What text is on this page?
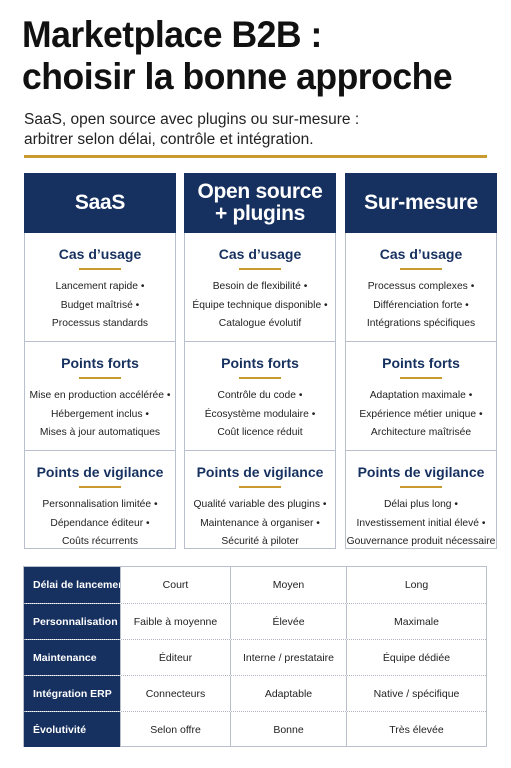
Marketplace B2B :
choisir la bonne approche
SaaS, open source avec plugins ou sur-mesure :
arbitrer selon délai, contrôle et intégration.
SaaS
Cas d’usage
Lancement rapide •
Budget maîtrisé •
Processus standards
Points forts
Mise en production accélérée •
Hébergement inclus •
Mises à jour automatiques
Points de vigilance
Personnalisation limitée •
Dépendance éditeur •
Coûts récurrents
Open source
+ plugins
Cas d’usage
Besoin de flexibilité •
Équipe technique disponible •
Catalogue évolutif
Points forts
Contrôle du code •
Écosystème modulaire •
Coût licence réduit
Points de vigilance
Qualité variable des plugins •
Maintenance à organiser •
Sécurité à piloter
Sur-mesure
Cas d’usage
Processus complexes •
Différenciation forte •
Intégrations spécifiques
Points forts
Adaptation maximale •
Expérience métier unique •
Architecture maîtrisée
Points de vigilance
Délai plus long •
Investissement initial élevé •
Gouvernance produit nécessaire
Délai de lancement	Court	Moyen	Long
Personnalisation	Faible à moyenne	Élevée	Maximale
Maintenance	Éditeur	Interne / prestataire	Équipe dédiée
Intégration ERP	Connecteurs	Adaptable	Native / spécifique
Évolutivité	Selon offre	Bonne	Très élevée
